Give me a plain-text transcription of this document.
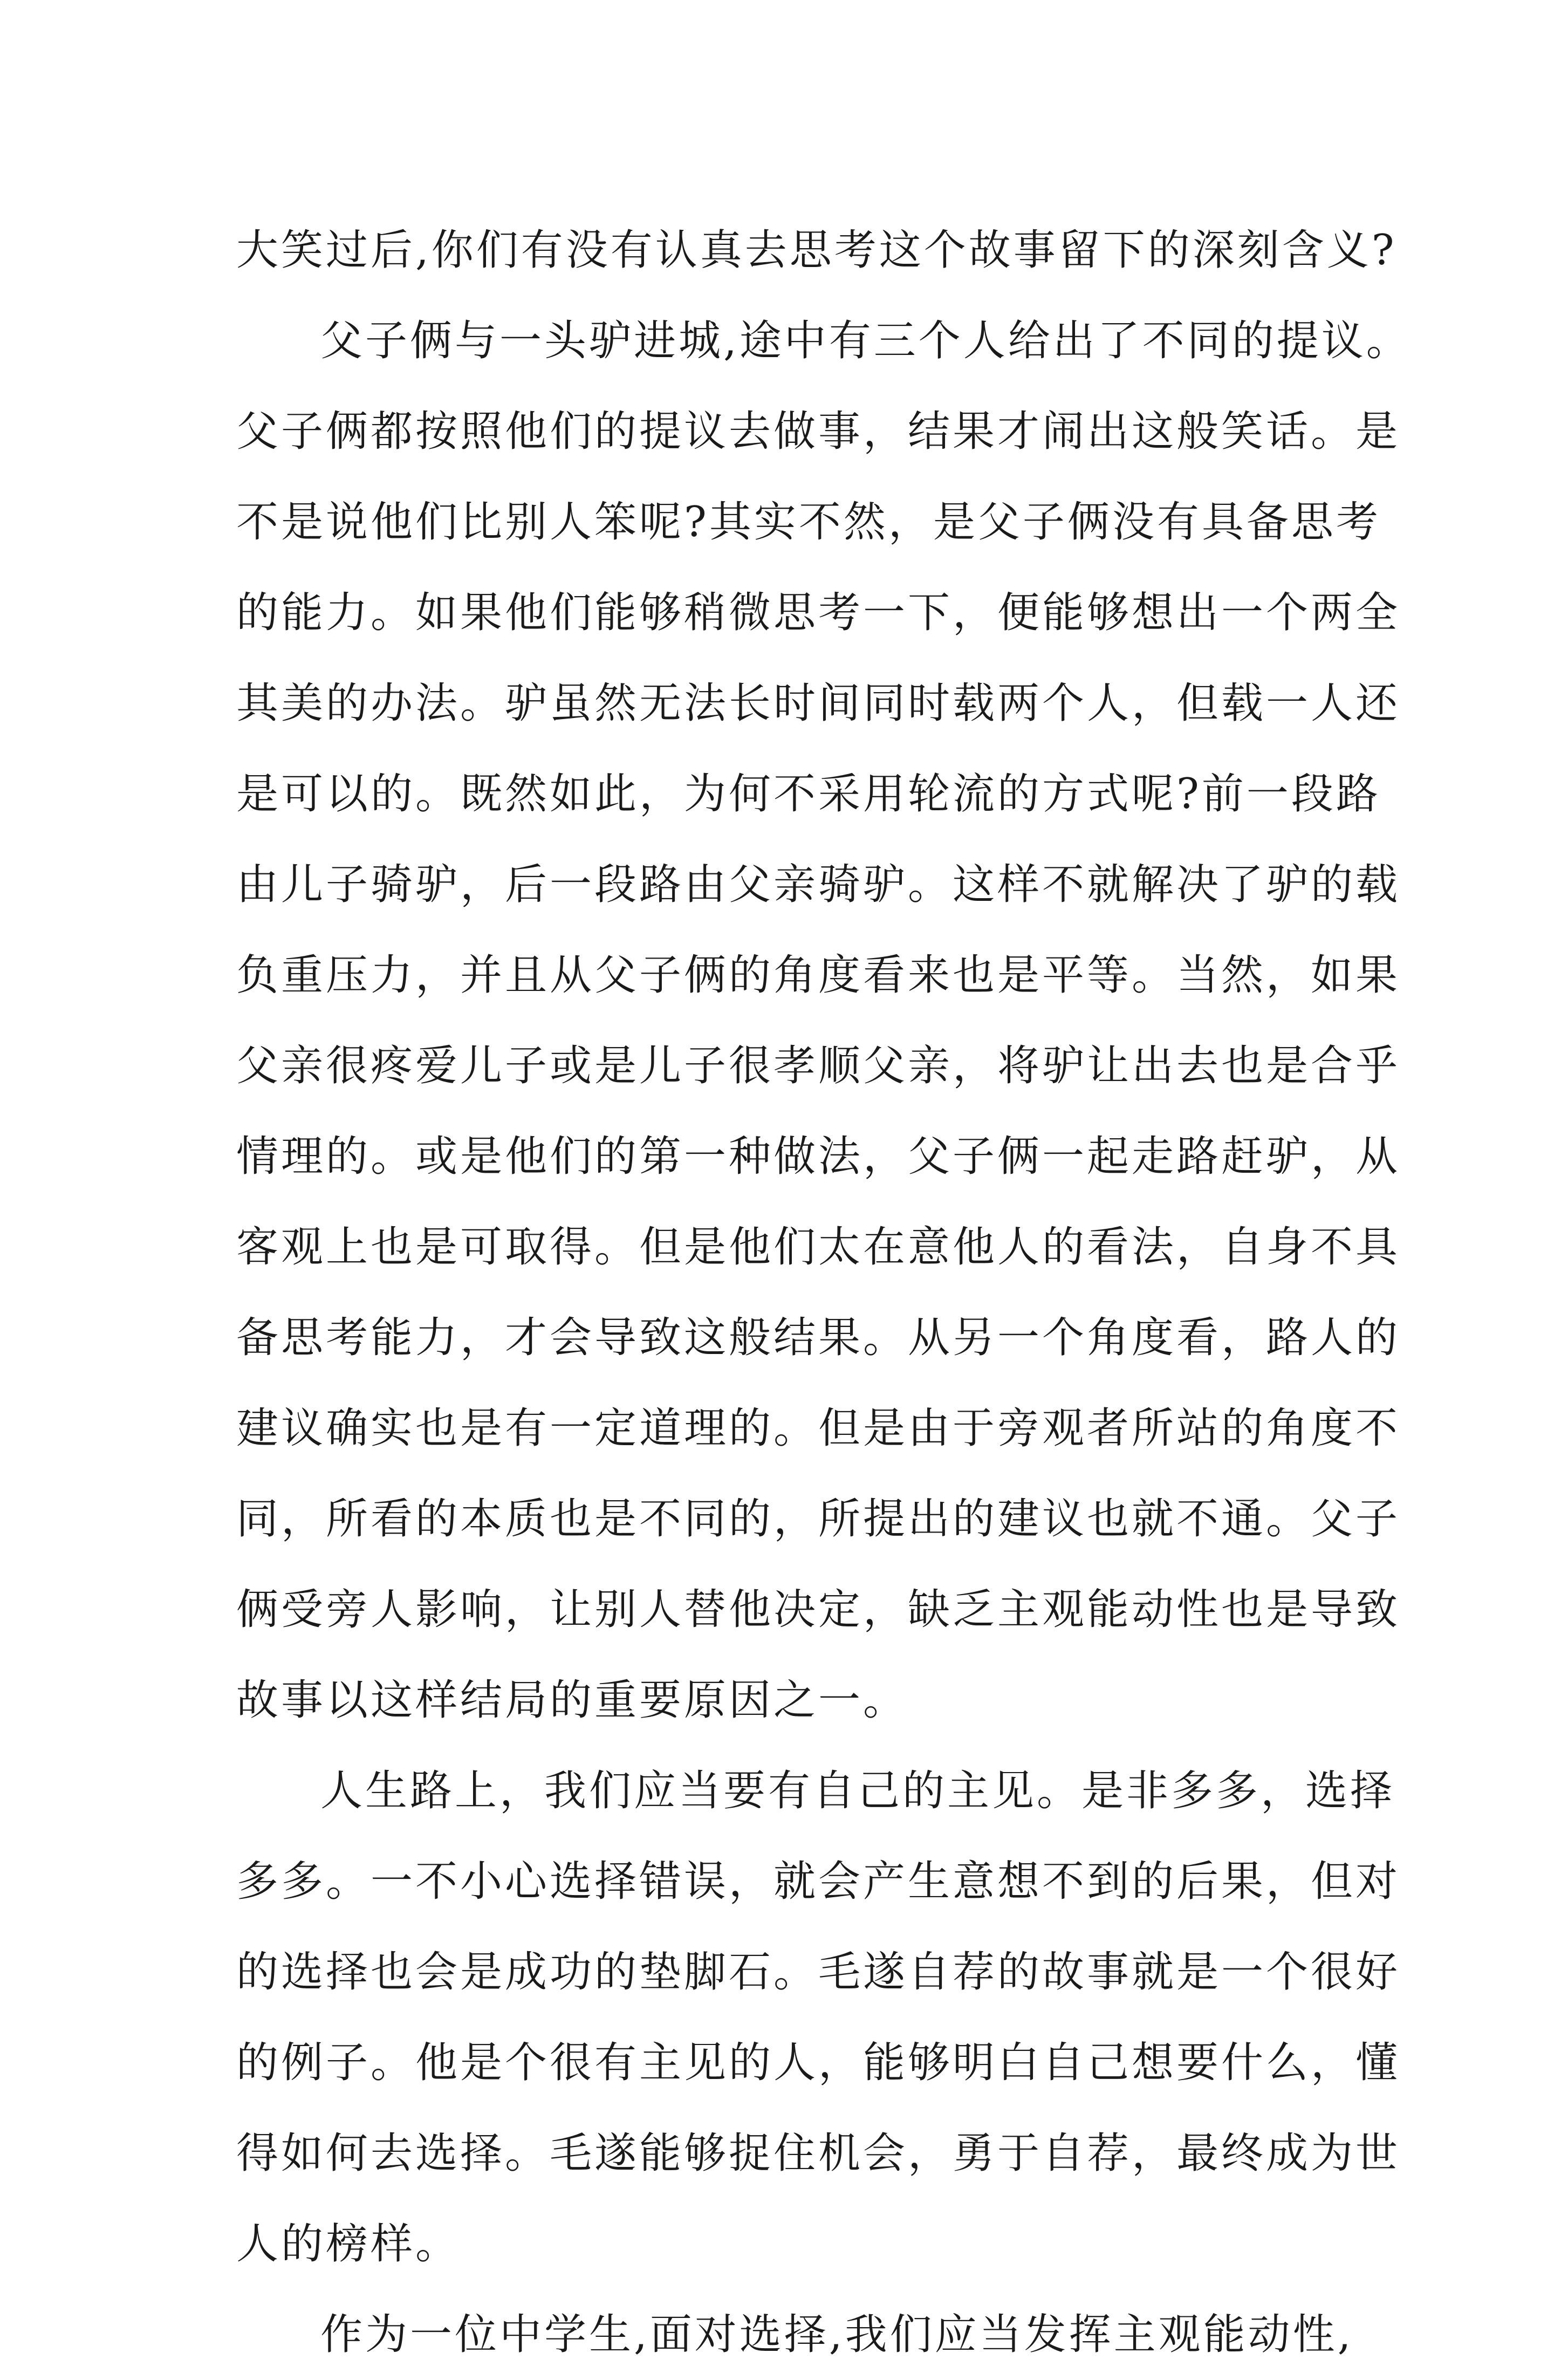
大笑过后,你们有没有认真去思考这个故事留下的深刻含义?
父子俩与一头驴进城,途中有三个人给出了不同的提议。
父子俩都按照他们的提议去做事，结果才闹出这般笑话。是
不是说他们比别人笨呢?其实不然，是父子俩没有具备思考
的能力。如果他们能够稍微思考一下，便能够想出一个两全
其美的办法。驴虽然无法长时间同时载两个人，但载一人还
是可以的。既然如此，为何不采用轮流的方式呢?前一段路
由儿子骑驴，后一段路由父亲骑驴。这样不就解决了驴的载
负重压力，并且从父子俩的角度看来也是平等。当然，如果
父亲很疼爱儿子或是儿子很孝顺父亲，将驴让出去也是合乎
情理的。或是他们的第一种做法，父子俩一起走路赶驴，从
客观上也是可取得。但是他们太在意他人的看法，自身不具
备思考能力，才会导致这般结果。从另一个角度看，路人的
建议确实也是有一定道理的。但是由于旁观者所站的角度不
同，所看的本质也是不同的，所提出的建议也就不通。父子
俩受旁人影响，让别人替他决定，缺乏主观能动性也是导致
故事以这样结局的重要原因之一。
人生路上，我们应当要有自己的主见。是非多多，选择
多多。一不小心选择错误，就会产生意想不到的后果，但对
的选择也会是成功的垫脚石。毛遂自荐的故事就是一个很好
的例子。他是个很有主见的人，能够明白自己想要什么，懂
得如何去选择。毛遂能够捉住机会，勇于自荐，最终成为世
人的榜样。
作为一位中学生,面对选择,我们应当发挥主观能动性,
